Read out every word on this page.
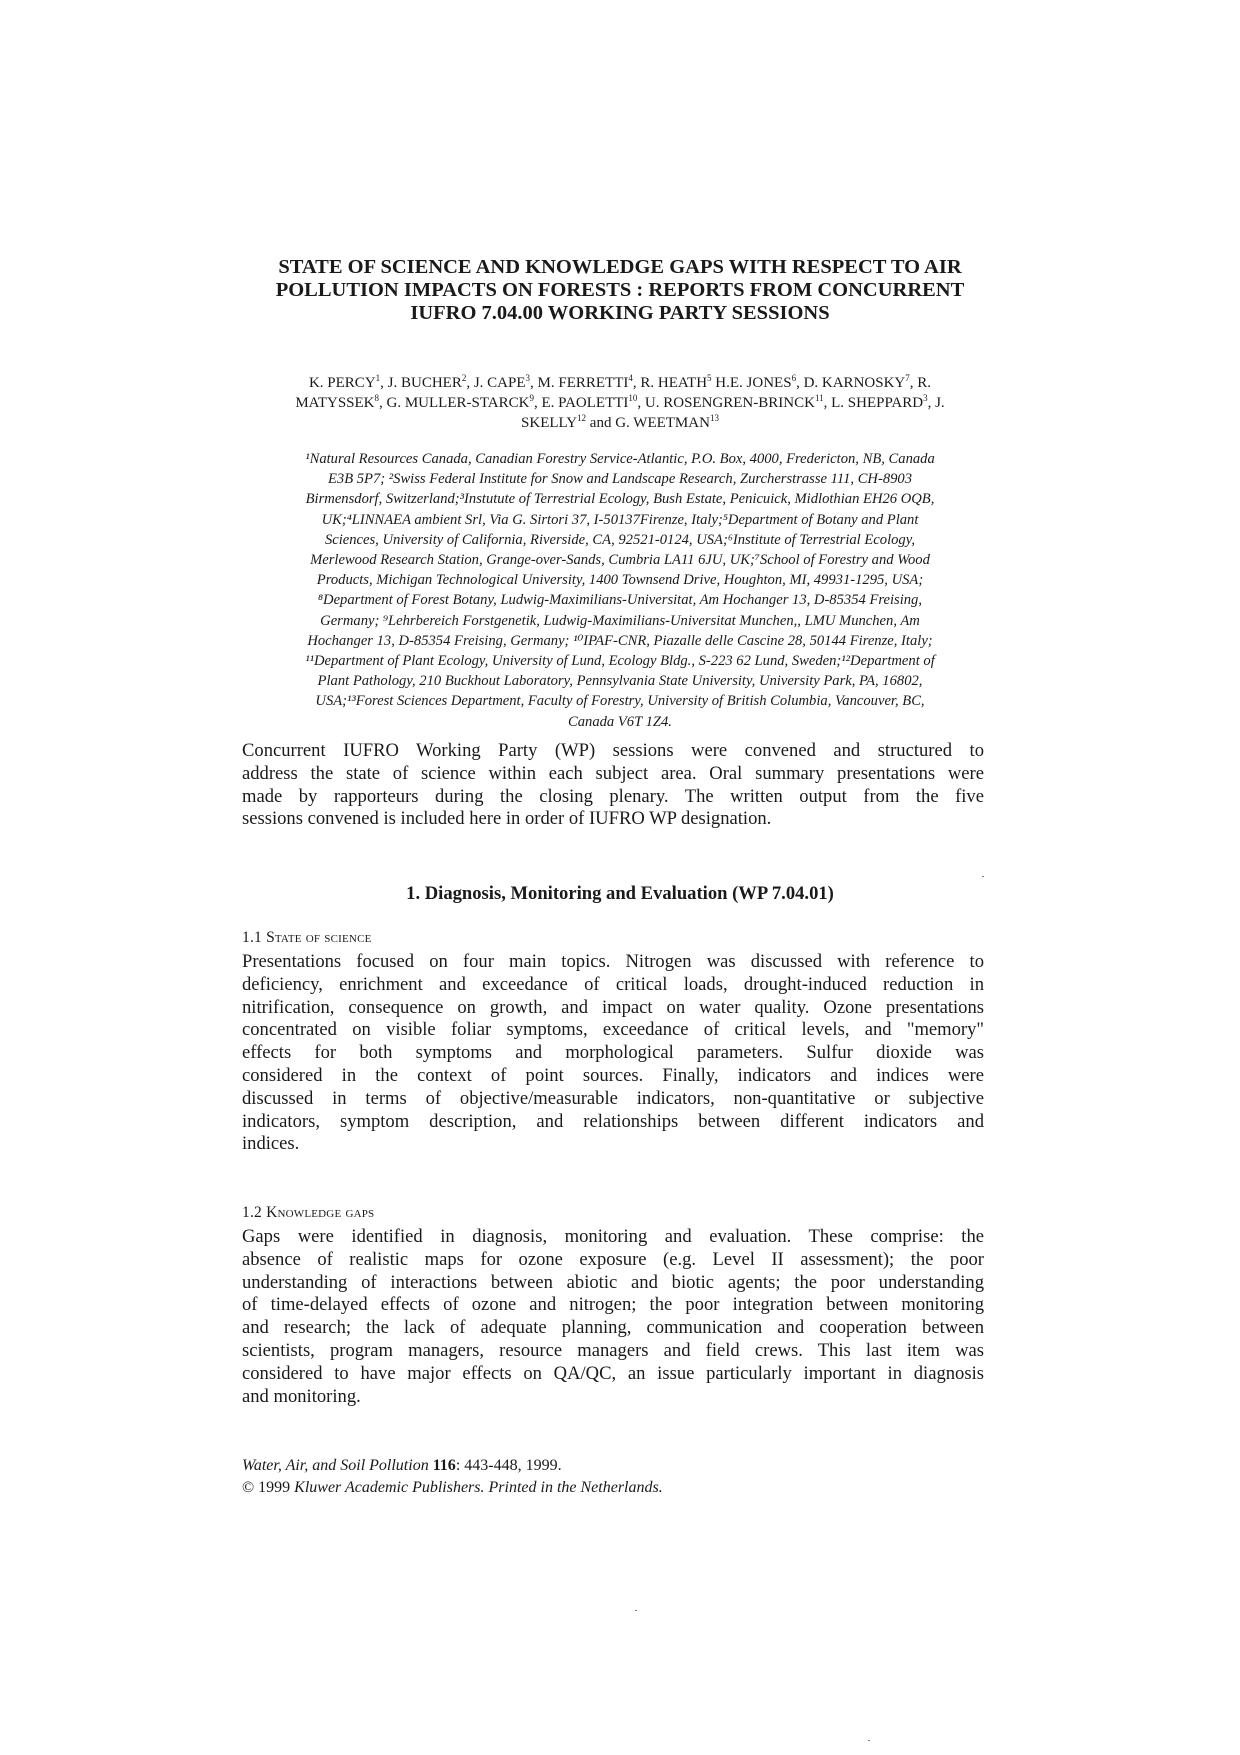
STATE OF SCIENCE AND KNOWLEDGE GAPS WITH RESPECT TO AIR
POLLUTION IMPACTS ON FORESTS : REPORTS FROM CONCURRENT
IUFRO 7.04.00 WORKING PARTY SESSIONS
K. PERCY$^1$, J. BUCHER$^2$, J. CAPE$^3$, M. FERRETTI$^4$, R. HEATH$^5$ H.E. JONES$^6$, D. KARNOSKY$^7$, R.
MATYSSEK$^8$, G. MULLER-STARCK$^9$, E. PAOLETTI$^{10}$, U. ROSENGREN-BRINCK$^{11}$, L. SHEPPARD$^3$, J.
SKELLY$^{12}$ and G. WEETMAN$^{13}$
¹Natural Resources Canada, Canadian Forestry Service-Atlantic, P.O. Box, 4000, Fredericton, NB, Canada
E3B 5P7; ²Swiss Federal Institute for Snow and Landscape Research, Zurcherstrasse 111, CH-8903
Birmensdorf, Switzerland;³Instutute of Terrestrial Ecology, Bush Estate, Penicuick, Midlothian EH26 OQB,
UK;⁴LINNAEA ambient Srl, Via G. Sirtori 37, I-50137Firenze, Italy;⁵Department of Botany and Plant
Sciences, University of California, Riverside, CA, 92521-0124, USA;⁶Institute of Terrestrial Ecology,
Merlewood Research Station, Grange-over-Sands, Cumbria LA11 6JU, UK;⁷School of Forestry and Wood
Products, Michigan Technological University, 1400 Townsend Drive, Houghton, MI, 49931-1295, USA;
⁸Department of Forest Botany, Ludwig-Maximilians-Universitat, Am Hochanger 13, D-85354 Freising,
Germany; ⁹Lehrbereich Forstgenetik, Ludwig-Maximilians-Universitat Munchen,, LMU Munchen, Am
Hochanger 13, D-85354 Freising, Germany; ¹⁰IPAF-CNR, Piazalle delle Cascine 28, 50144 Firenze, Italy;
¹¹Department of Plant Ecology, University of Lund, Ecology Bldg., S-223 62 Lund, Sweden;¹²Department of
Plant Pathology, 210 Buckhout Laboratory, Pennsylvania State University, University Park, PA, 16802,
USA;¹³Forest Sciences Department, Faculty of Forestry, University of British Columbia, Vancouver, BC,
Canada V6T 1Z4.
Concurrent IUFRO Working Party (WP) sessions were convened and structured to
address the state of science within each subject area. Oral summary presentations were
made by rapporteurs during the closing plenary. The written output from the five
sessions convened is included here in order of IUFRO WP designation.
1. Diagnosis, Monitoring and Evaluation (WP 7.04.01)
1.1 State of science
Presentations focused on four main topics. Nitrogen was discussed with reference to
deficiency, enrichment and exceedance of critical loads, drought-induced reduction in
nitrification, consequence on growth, and impact on water quality. Ozone presentations
concentrated on visible foliar symptoms, exceedance of critical levels, and "memory"
effects for both symptoms and morphological parameters. Sulfur dioxide was
considered in the context of point sources. Finally, indicators and indices were
discussed in terms of objective/measurable indicators, non-quantitative or subjective
indicators, symptom description, and relationships between different indicators and
indices.
1.2 Knowledge gaps
Gaps were identified in diagnosis, monitoring and evaluation. These comprise: the
absence of realistic maps for ozone exposure (e.g. Level II assessment); the poor
understanding of interactions between abiotic and biotic agents; the poor understanding
of time-delayed effects of ozone and nitrogen; the poor integration between monitoring
and research; the lack of adequate planning, communication and cooperation between
scientists, program managers, resource managers and field crews. This last item was
considered to have major effects on QA/QC, an issue particularly important in diagnosis
and monitoring.
Water, Air, and Soil Pollution 116: 443-448, 1999.
© 1999 Kluwer Academic Publishers. Printed in the Netherlands.
